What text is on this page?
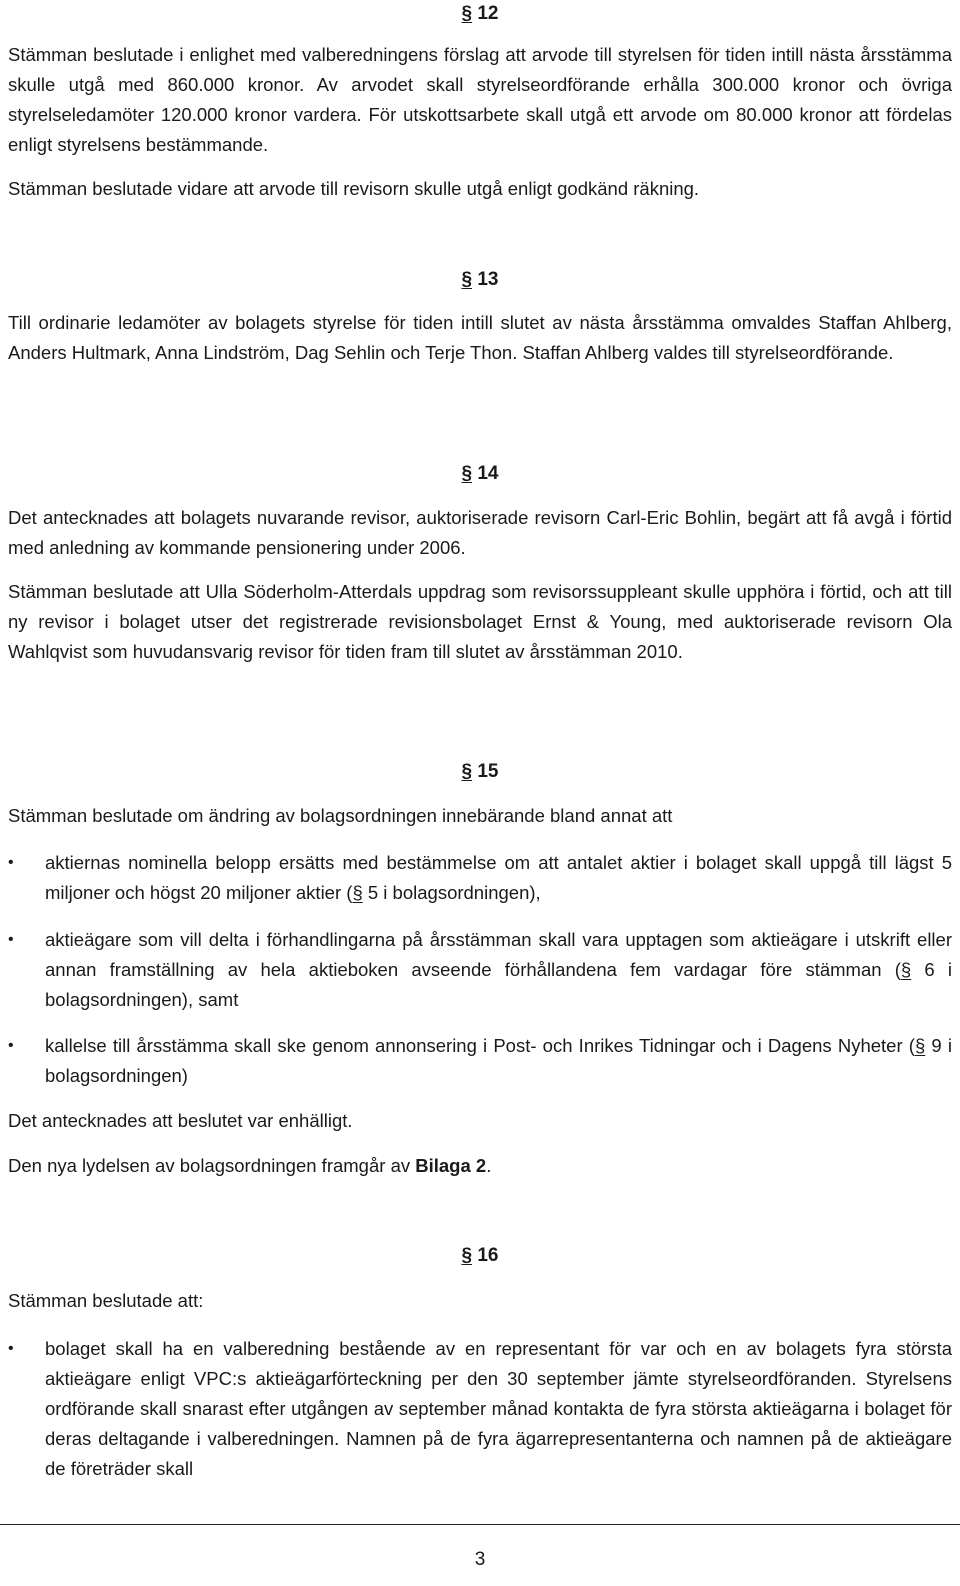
§ 12

Stämman beslutade i enlighet med valberedningens förslag att arvode till styrelsen för tiden intill nästa årsstämma skulle utgå med 860.000 kronor. Av arvodet skall styrelseordförande erhålla 300.000 kronor och övriga styrelseledamöter 120.000 kronor vardera. För utskottsarbete skall utgå ett arvode om 80.000 kronor att fördelas enligt styrelsens bestämmande.

Stämman beslutade vidare att arvode till revisorn skulle utgå enligt godkänd räkning.

§ 13

Till ordinarie ledamöter av bolagets styrelse för tiden intill slutet av nästa årsstämma omvaldes Staffan Ahlberg, Anders Hultmark, Anna Lindström, Dag Sehlin och Terje Thon. Staffan Ahlberg valdes till styrelseordförande.

§ 14

Det antecknades att bolagets nuvarande revisor, auktoriserade revisorn Carl-Eric Bohlin, begärt att få avgå i förtid med anledning av kommande pensionering under 2006.

Stämman beslutade att Ulla Söderholm-Atterdals uppdrag som revisorssuppleant skulle upphöra i förtid, och att till ny revisor i bolaget utser det registrerade revisionsbolaget Ernst & Young, med auktoriserade revisorn Ola Wahlqvist som huvudansvarig revisor för tiden fram till slutet av årsstämman 2010.

§ 15

Stämman beslutade om ändring av bolagsordningen innebärande bland annat att

• aktiernas nominella belopp ersätts med bestämmelse om att antalet aktier i bolaget skall uppgå till lägst 5 miljoner och högst 20 miljoner aktier (§ 5 i bolagsordningen),

• aktieägare som vill delta i förhandlingarna på årsstämman skall vara upptagen som aktieägare i utskrift eller annan framställning av hela aktieboken avseende förhållandena fem vardagar före stämman (§ 6 i bolagsordningen), samt

• kallelse till årsstämma skall ske genom annonsering i Post- och Inrikes Tidningar och i Dagens Nyheter (§ 9 i bolagsordningen)

Det antecknades att beslutet var enhälligt.

Den nya lydelsen av bolagsordningen framgår av Bilaga 2.

§ 16

Stämman beslutade att:

• bolaget skall ha en valberedning bestående av en representant för var och en av bolagets fyra största aktieägare enligt VPC:s aktieägarförteckning per den 30 september jämte styrelseordföranden. Styrelsens ordförande skall snarast efter utgången av september månad kontakta de fyra största aktieägarna i bolaget för deras deltagande i valberedningen. Namnen på de fyra ägarrepresentanterna och namnen på de aktieägare de företräder skall

3
